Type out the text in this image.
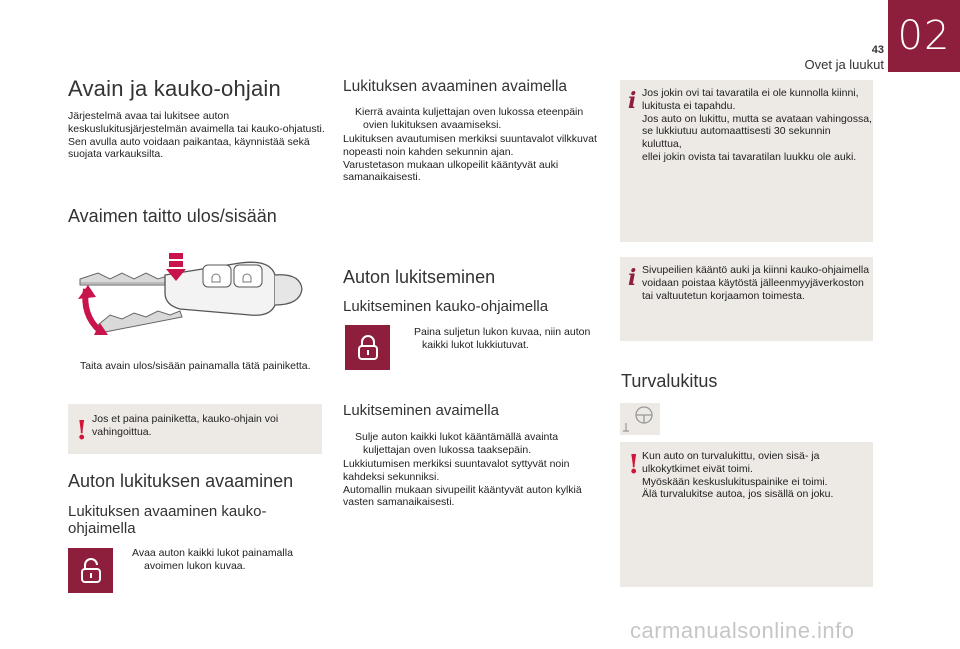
02
43
Ovet ja luukut
Avain ja kauko-ohjain
Järjestelmä avaa tai lukitsee auton
keskuslukitusjärjestelmän avaimella tai kauko-ohjatusti.
Sen avulla auto voidaan paikantaa, käynnistää sekä
suojata varkauksilta.
Avaimen taitto ulos/sisään
Taita avain ulos/sisään painamalla tätä painiketta.
! Jos et paina painiketta, kauko-ohjain voi
vahingoittua.
Auton lukituksen avaaminen
Lukituksen avaaminen kauko-
ohjaimella
Avaa auton kaikki lukot painamalla
avoimen lukon kuvaa.
Lukituksen avaaminen avaimella
Kierrä avainta kuljettajan oven lukossa eteenpäin
ovien lukituksen avaamiseksi.
Lukituksen avautumisen merkiksi suuntavalot vilkkuvat
nopeasti noin kahden sekunnin ajan.
Varustetason mukaan ulkopeilit kääntyvät auki
samanaikaisesti.
Auton lukitseminen
Lukitseminen kauko-ohjaimella
Paina suljetun lukon kuvaa, niin auton
kaikki lukot lukkiutuvat.
Lukitseminen avaimella
Sulje auton kaikki lukot kääntämällä avainta
kuljettajan oven lukossa taaksepäin.
Lukkiutumisen merkiksi suuntavalot syttyvät noin
kahdeksi sekunniksi.
Automallin mukaan sivupeilit kääntyvät auton kylkiä
vasten samanaikaisesti.
i Jos jokin ovi tai tavaratila ei ole kunnolla kiinni,
lukitusta ei tapahdu.
Jos auto on lukittu, mutta se avataan vahingossa,
se lukkiutuu automaattisesti 30 sekunnin kuluttua,
ellei jokin ovista tai tavaratilan luukku ole auki.
i Sivupeilien kääntö auki ja kiinni kauko-ohjaimella
voidaan poistaa käytöstä jälleenmyyjäverkoston
tai valtuutetun korjaamon toimesta.
Turvalukitus
! Kun auto on turvalukittu, ovien sisä- ja
ulkokytkimet eivät toimi.
Myöskään keskuslukituspainike ei toimi.
Älä turvalukitse autoa, jos sisällä on joku.
carmanualsonline.info
